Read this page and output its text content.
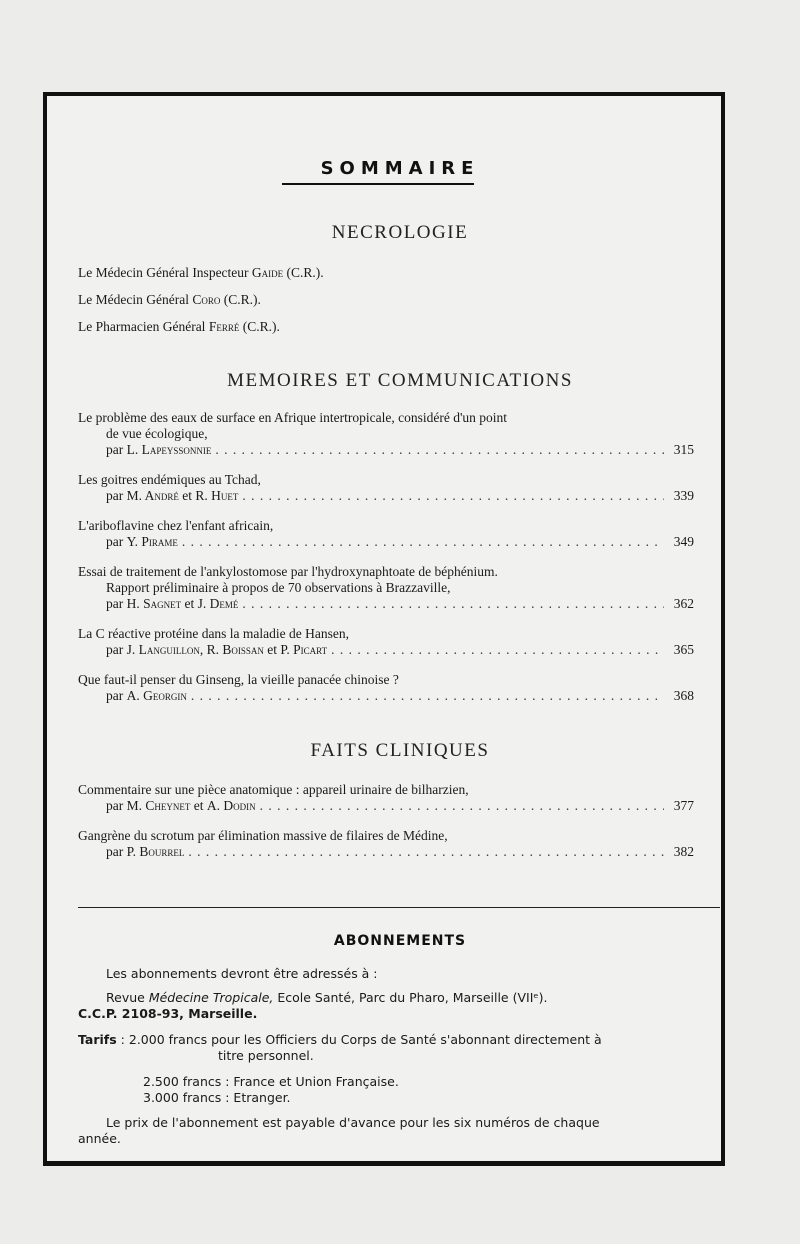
SOMMAIRE
NECROLOGIE
Le Médecin Général Inspecteur Gaide (C.R.).
Le Médecin Général Coro (C.R.).
Le Pharmacien Général Ferré (C.R.).
MEMOIRES ET COMMUNICATIONS
Le problème des eaux de surface en Afrique intertropicale, considéré d'un point
de vue écologique,
par L. Lapeyssonnie . . .	315
Les goitres endémiques au Tchad,
par M. André et R. Huet . . .	339
L'ariboflavine chez l'enfant africain,
par Y. Pirame . . .	349
Essai de traitement de l'ankylostomose par l'hydroxynaphtoate de béphénium.
Rapport préliminaire à propos de 70 observations à Brazzaville,
par H. Sagnet et J. Demé . . .	362
La C réactive protéine dans la maladie de Hansen,
par J. Languillon, R. Boissan et P. Picart . . .	365
Que faut-il penser du Ginseng, la vieille panacée chinoise ?
par A. Georgin . . .	368
FAITS CLINIQUES
Commentaire sur une pièce anatomique : appareil urinaire de bilharzien,
par M. Cheynet et A. Dodin . . .	377
Gangrène du scrotum par élimination massive de filaires de Médine,
par P. Bourrel . . .	382
ABONNEMENTS
Les abonnements devront être adressés à :
Revue Médecine Tropicale, Ecole Santé, Parc du Pharo, Marseille (VIIᵉ).
C.C.P. 2108-93, Marseille.
Tarifs : 2.000 francs pour les Officiers du Corps de Santé s'abonnant directement à
titre personnel.
2.500 francs : France et Union Française.
3.000 francs : Etranger.
Le prix de l'abonnement est payable d'avance pour les six numéros de chaque
année.
